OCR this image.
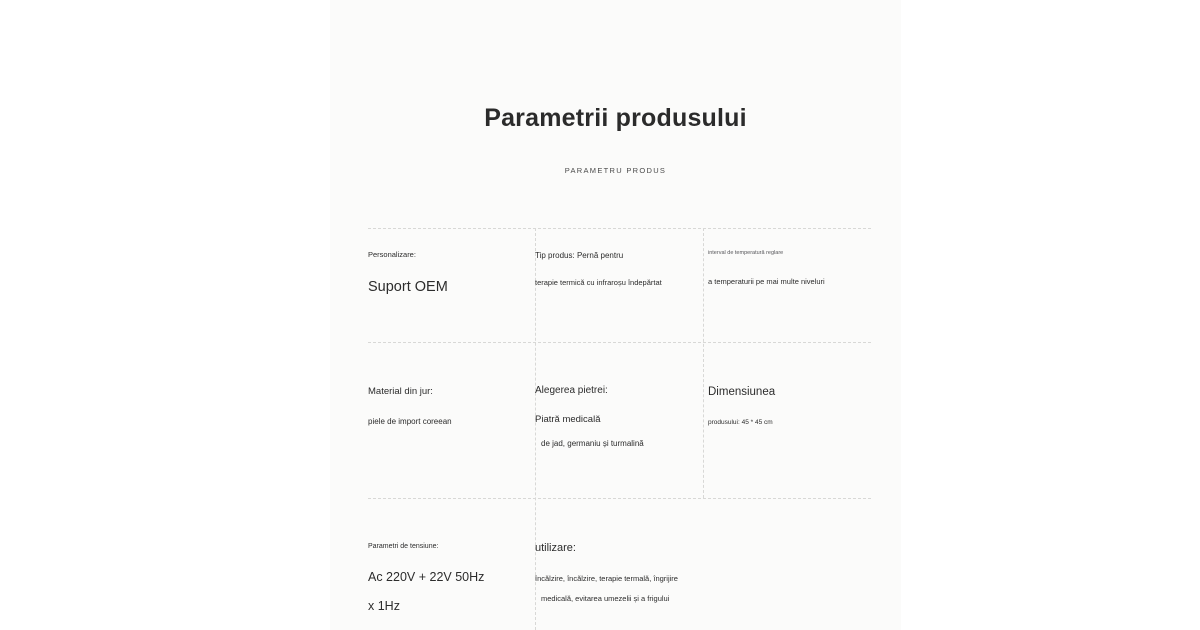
Parametrii produsului
PARAMETRU PRODUS

Personalizare:

Suport OEM

Tip produs: Pernă pentru

terapie termică cu infraroșu îndepărtat

interval de temperatură reglare

a temperaturii pe mai multe niveluri

Material din jur:

piele de import coreean

Alegerea pietrei:

Piatră medicală

de jad, germaniu și turmalină

Dimensiunea

produsului: 45 * 45 cm

Parametri de tensiune:

Ac 220V + 22V 50Hz

x 1Hz

utilizare:

încălzire, încălzire, terapie termală, îngrijire

medicală, evitarea umezelii și a frigului
